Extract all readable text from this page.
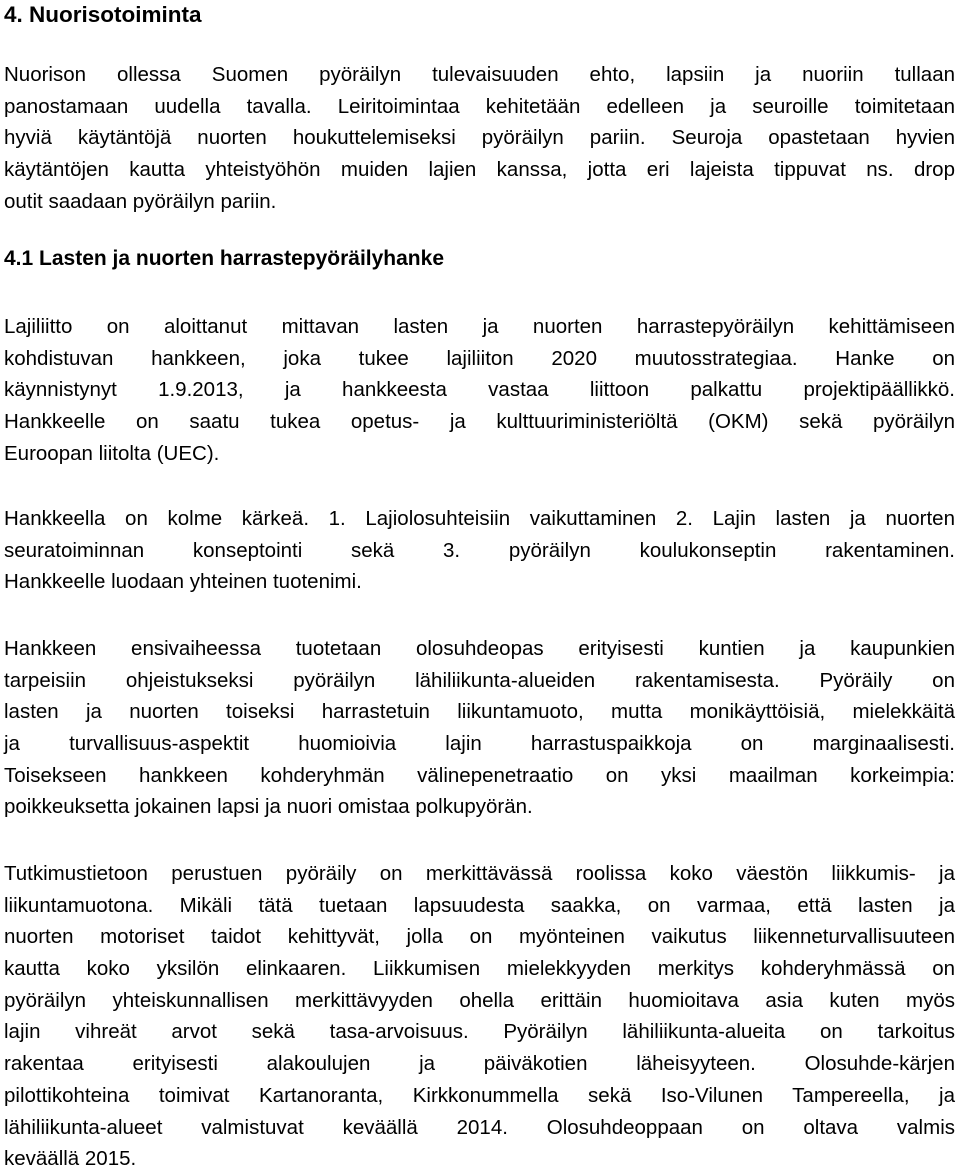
4. Nuorisotoiminta
Nuorison ollessa Suomen pyöräilyn tulevaisuuden ehto, lapsiin ja nuoriin tullaan
panostamaan uudella tavalla. Leiritoimintaa kehitetään edelleen ja seuroille toimitetaan
hyviä käytäntöjä nuorten houkuttelemiseksi pyöräilyn pariin. Seuroja opastetaan hyvien
käytäntöjen kautta yhteistyöhön muiden lajien kanssa, jotta eri lajeista tippuvat ns. drop
outit saadaan pyöräilyn pariin.
4.1 Lasten ja nuorten harrastepyöräilyhanke
Lajiliitto on aloittanut mittavan lasten ja nuorten harrastepyöräilyn kehittämiseen
kohdistuvan hankkeen, joka tukee lajiliiton 2020 muutosstrategiaa. Hanke on
käynnistynyt 1.9.2013, ja hankkeesta vastaa liittoon palkattu projektipäällikkö.
Hankkeelle on saatu tukea opetus- ja kulttuuriministeriöltä (OKM) sekä pyöräilyn
Euroopan liitolta (UEC).
Hankkeella on kolme kärkeä. 1. Lajiolosuhteisiin vaikuttaminen 2. Lajin lasten ja nuorten
seuratoiminnan konseptointi sekä 3. pyöräilyn koulukonseptin rakentaminen.
Hankkeelle luodaan yhteinen tuotenimi.
Hankkeen ensivaiheessa tuotetaan olosuhdeopas erityisesti kuntien ja kaupunkien
tarpeisiin ohjeistukseksi pyöräilyn lähiliikunta-alueiden rakentamisesta. Pyöräily on
lasten ja nuorten toiseksi harrastetuin liikuntamuoto, mutta monikäyttöisiä, mielekkäitä
ja turvallisuus-aspektit huomioivia lajin harrastuspaikkoja on marginaalisesti.
Toisekseen hankkeen kohderyhmän välinepenetraatio on yksi maailman korkeimpia:
poikkeuksetta jokainen lapsi ja nuori omistaa polkupyörän.
Tutkimustietoon perustuen pyöräily on merkittävässä roolissa koko väestön liikkumis- ja
liikuntamuotona. Mikäli tätä tuetaan lapsuudesta saakka, on varmaa, että lasten ja
nuorten motoriset taidot kehittyvät, jolla on myönteinen vaikutus liikenneturvallisuuteen
kautta koko yksilön elinkaaren. Liikkumisen mielekkyyden merkitys kohderyhmässä on
pyöräilyn yhteiskunnallisen merkittävyyden ohella erittäin huomioitava asia kuten myös
lajin vihreät arvot sekä tasa-arvoisuus. Pyöräilyn lähiliikunta-alueita on tarkoitus
rakentaa erityisesti alakoulujen ja päiväkotien läheisyyteen. Olosuhde-kärjen
pilottikohteina toimivat Kartanoranta, Kirkkonummella sekä Iso-Vilunen Tampereella, ja
lähiliikunta-alueet valmistuvat keväällä 2014. Olosuhdeoppaan on oltava valmis
keväällä 2015.
